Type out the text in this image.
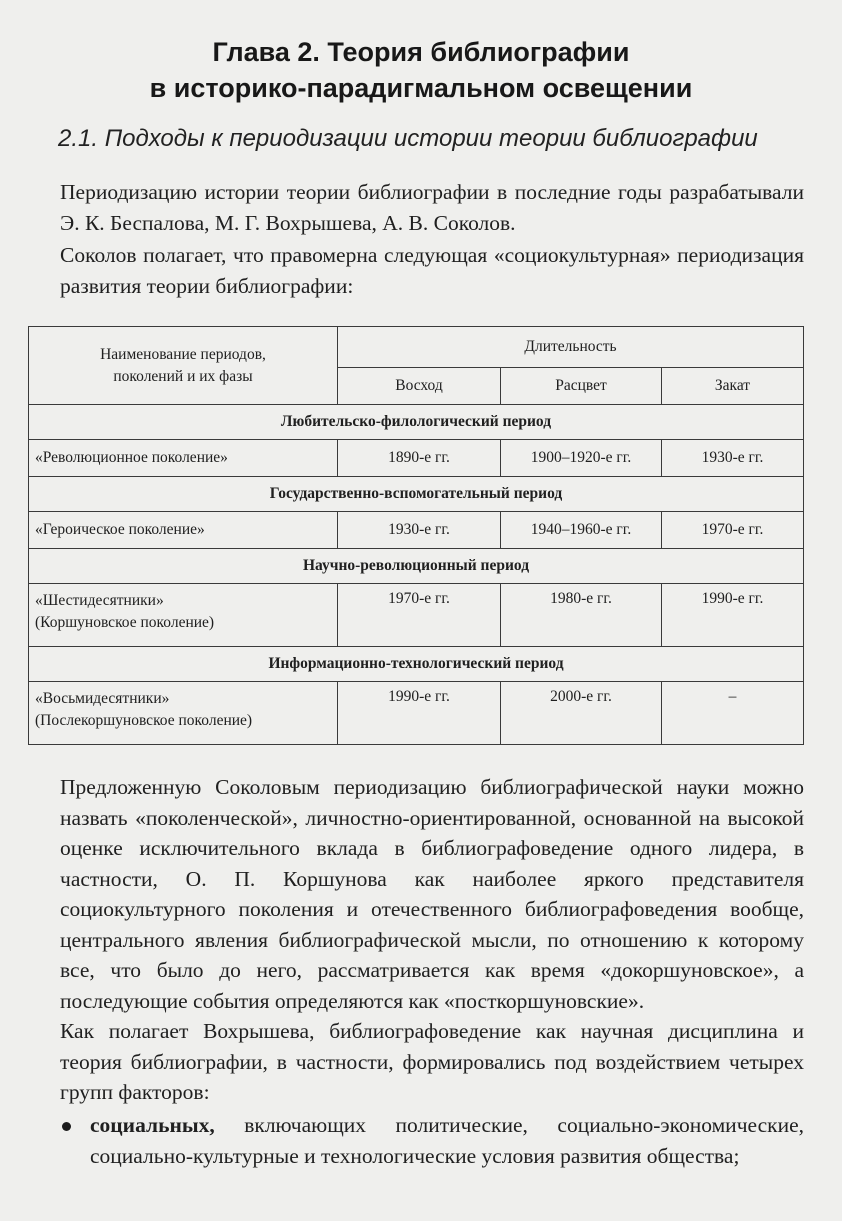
Глава 2. Теория библиографии
в историко-парадигмальном освещении
2.1. Подходы к периодизации истории теории библиографии
Периодизацию истории теории библиографии в последние годы разрабатывали Э. К. Беспалова, М. Г. Вохрышева, А. В. Соколов.
Соколов полагает, что правомерна следующая «социокультурная» периодизация развития теории библиографии:
Наименование периодов,
поколений и их фазы	Длительность		
	Восход	Расцвет	Закат
Любительско-филологический период			

«Революционное поколение»	1890-е гг.	1900–1920-е гг.	1930-е гг.
Государственно-вспомогательный период			

«Героическое поколение»	1930-е гг.	1940–1960-е гг.	1970-е гг.
Научно-революционный период			

«Шестидесятники»
(Коршуновское поколение)	1970-е гг.	1980-е гг.	1990-е гг.
Информационно-технологический период			

«Восьмидесятники»
(Послекоршуновское поколение)	1990-е гг.	2000-е гг.	–
Предложенную Соколовым периодизацию библиографической науки можно назвать «поколенческой», личностно-ориентированной, основанной на высокой оценке исключительного вклада в библиографоведение одного лидера, в частности, О. П. Коршунова как наиболее яркого представителя социокультурного поколения и отечественного библиографоведения вообще, центрального явления библиографической мысли, по отношению к которому все, что было до него, рассматривается как время «докоршуновское», а последующие события определяются как «посткоршуновские».
Как полагает Вохрышева, библиографоведение как научная дисциплина и теория библиографии, в частности, формировались под воздействием четырех групп факторов:
социальных, включающих политические, социально-экономические, социально-культурные и технологические условия развития общества;
